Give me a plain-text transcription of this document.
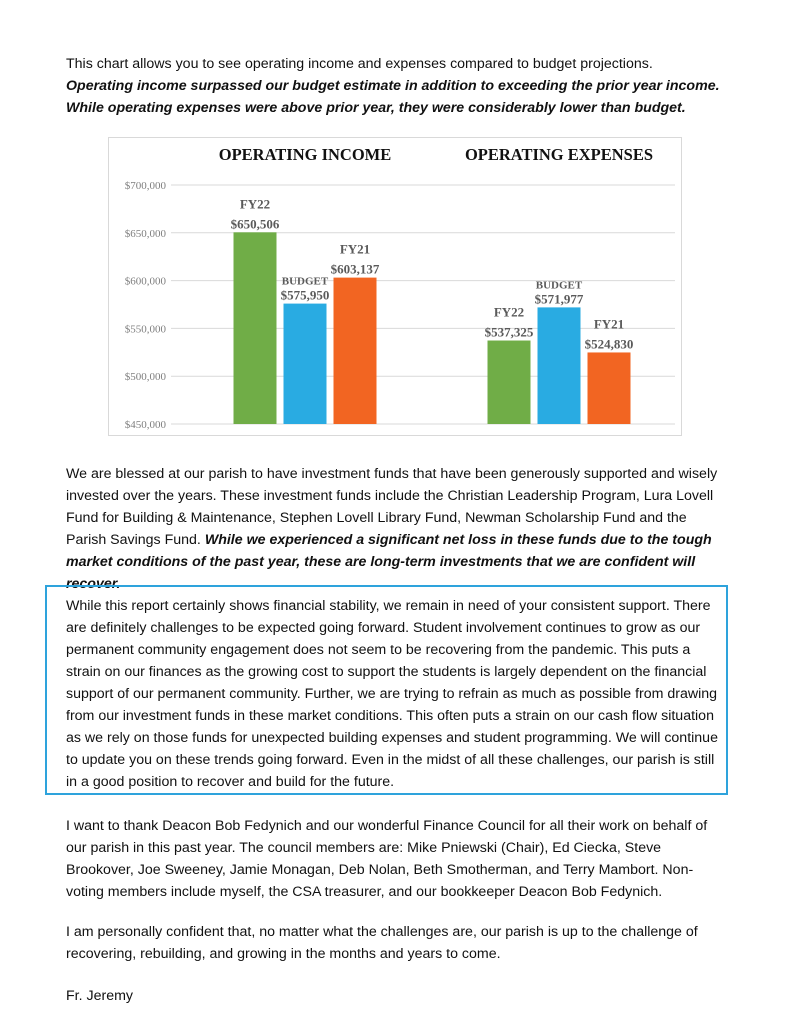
This chart allows you to see operating income and expenses compared to budget projections.
Operating income surpassed our budget estimate in addition to exceeding the prior year income.
While operating expenses were above prior year, they were considerably lower than budget.

$450,000
$500,000
$550,000
$600,000
$650,000
$700,000
OPERATING INCOME
FY22
$650,506
BUDGET
$575,950
FY21
$603,137
OPERATING EXPENSES
FY22
$537,325
BUDGET
$571,977
FY21
$524,830

We are blessed at our parish to have investment funds that have been generously supported and wisely invested over the years. These investment funds include the Christian Leadership Program, Lura Lovell Fund for Building & Maintenance, Stephen Lovell Library Fund, Newman Scholarship Fund and the Parish Savings Fund. While we experienced a significant net loss in these funds due to the tough market conditions of the past year, these are long-term investments that we are confident will recover.

While this report certainly shows financial stability, we remain in need of your consistent support. There are definitely challenges to be expected going forward. Student involvement continues to grow as our permanent community engagement does not seem to be recovering from the pandemic. This puts a strain on our finances as the growing cost to support the students is largely dependent on the financial support of our permanent community. Further, we are trying to refrain as much as possible from drawing from our investment funds in these market conditions. This often puts a strain on our cash flow situation as we rely on those funds for unexpected building expenses and student programming. We will continue to update you on these trends going forward. Even in the midst of all these challenges, our parish is still in a good position to recover and build for the future.

I want to thank Deacon Bob Fedynich and our wonderful Finance Council for all their work on behalf of our parish in this past year. The council members are: Mike Pniewski (Chair), Ed Ciecka, Steve Brookover, Joe Sweeney, Jamie Monagan, Deb Nolan, Beth Smotherman, and Terry Mambort. Non-voting members include myself, the CSA treasurer, and our bookkeeper Deacon Bob Fedynich.

I am personally confident that, no matter what the challenges are, our parish is up to the challenge of recovering, rebuilding, and growing in the months and years to come.

Fr. Jeremy
